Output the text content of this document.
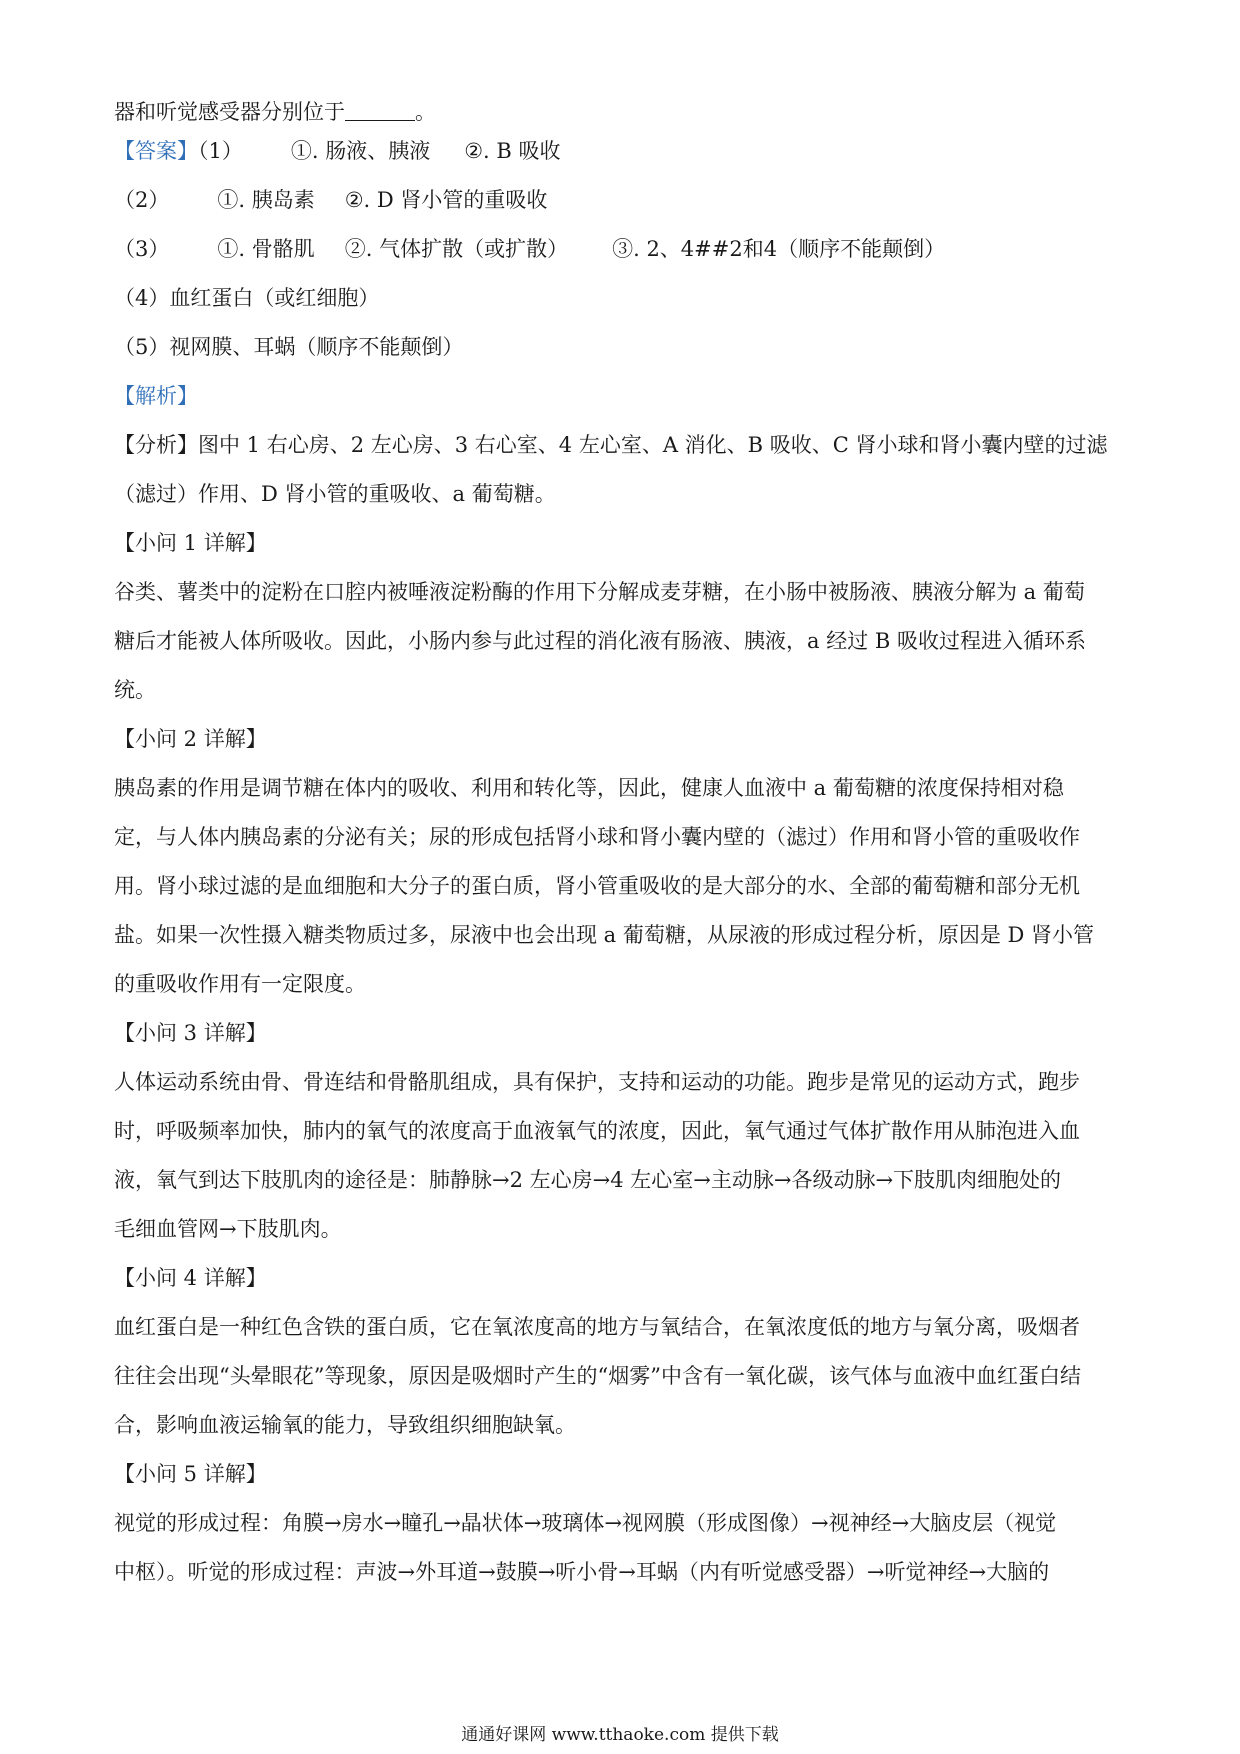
器和听觉感受器分别位于	。
【答案】（1） ①. 肠液、胰液 ②. B 吸收
（2） ①. 胰岛素 ②. D 肾小管的重吸收
（3） ①. 骨骼肌 ②. 气体扩散（或扩散） ③. 2、4##2和4（顺序不能颠倒）
（4）血红蛋白（或红细胞）
（5）视网膜、耳蜗（顺序不能颠倒）
【解析】
【分析】图中 1 右心房、2 左心房、3 右心室、4 左心室、A 消化、B 吸收、C 肾小球和肾小囊内壁的过滤
（滤过）作用、D 肾小管的重吸收、a 葡萄糖。
【小问 1 详解】
谷类、薯类中的淀粉在口腔内被唾液淀粉酶的作用下分解成麦芽糖，在小肠中被肠液、胰液分解为 a 葡萄
糖后才能被人体所吸收。因此，小肠内参与此过程的消化液有肠液、胰液，a 经过 B 吸收过程进入循环系
统。
【小问 2 详解】
胰岛素的作用是调节糖在体内的吸收、利用和转化等，因此，健康人血液中 a 葡萄糖的浓度保持相对稳
定，与人体内胰岛素的分泌有关；尿的形成包括肾小球和肾小囊内壁的（滤过）作用和肾小管的重吸收作
用。肾小球过滤的是血细胞和大分子的蛋白质，肾小管重吸收的是大部分的水、全部的葡萄糖和部分无机
盐。如果一次性摄入糖类物质过多，尿液中也会出现 a 葡萄糖，从尿液的形成过程分析，原因是 D 肾小管
的重吸收作用有一定限度。
【小问 3 详解】
人体运动系统由骨、骨连结和骨骼肌组成，具有保护，支持和运动的功能。跑步是常见的运动方式，跑步
时，呼吸频率加快，肺内的氧气的浓度高于血液氧气的浓度，因此，氧气通过气体扩散作用从肺泡进入血
液，氧气到达下肢肌肉的途径是：肺静脉→2 左心房→4 左心室→主动脉→各级动脉→下肢肌肉细胞处的
毛细血管网→下肢肌肉。
【小问 4 详解】
血红蛋白是一种红色含铁的蛋白质，它在氧浓度高的地方与氧结合，在氧浓度低的地方与氧分离，吸烟者
往往会出现“头晕眼花”等现象，原因是吸烟时产生的“烟雾”中含有一氧化碳，该气体与血液中血红蛋白结
合，影响血液运输氧的能力，导致组织细胞缺氧。
【小问 5 详解】
视觉的形成过程：角膜→房水→瞳孔→晶状体→玻璃体→视网膜（形成图像）→视神经→大脑皮层（视觉
中枢）。听觉的形成过程：声波→外耳道→鼓膜→听小骨→耳蜗（内有听觉感受器）→听觉神经→大脑的
通通好课网 www.tthaoke.com 提供下载
